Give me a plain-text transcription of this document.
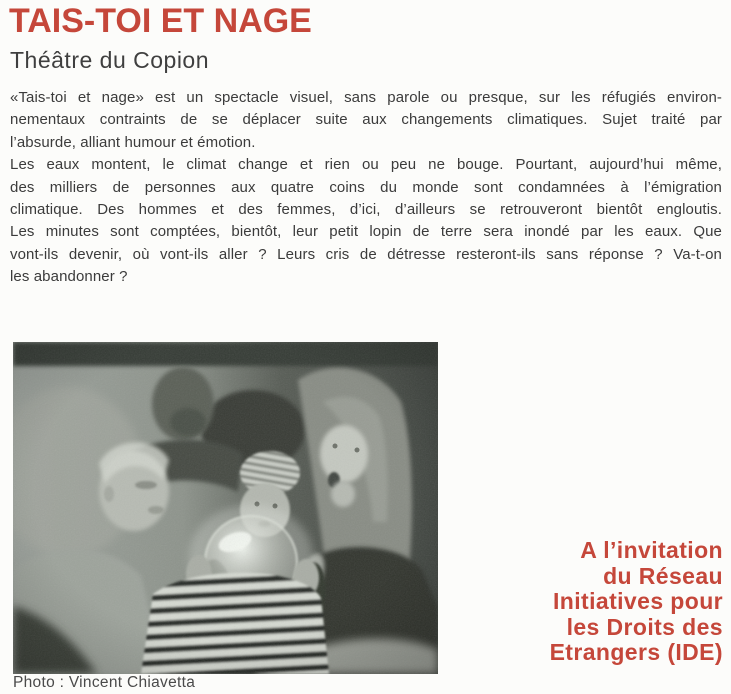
TAIS-TOI ET NAGE
Théâtre du Copion
«Tais-toi et nage» est un spectacle visuel, sans parole ou presque, sur les réfugiés environ-
nementaux contraints de se déplacer suite aux changements climatiques. Sujet traité par
l’absurde, alliant humour et émotion.
Les eaux montent, le climat change et rien ou peu ne bouge. Pourtant, aujourd’hui même,
des milliers de personnes aux quatre coins du monde sont condamnées à l’émigration
climatique. Des hommes et des femmes, d’ici, d’ailleurs se retrouveront bientôt engloutis.
Les minutes sont comptées, bientôt, leur petit lopin de terre sera inondé par les eaux. Que
vont-ils devenir, où vont-ils aller ? Leurs cris de détresse resteront-ils sans réponse ? Va-t-on
les abandonner ?
Photo : Vincent Chiavetta
A l’invitation
du Réseau
Initiatives pour
les Droits des
Etrangers (IDE)
